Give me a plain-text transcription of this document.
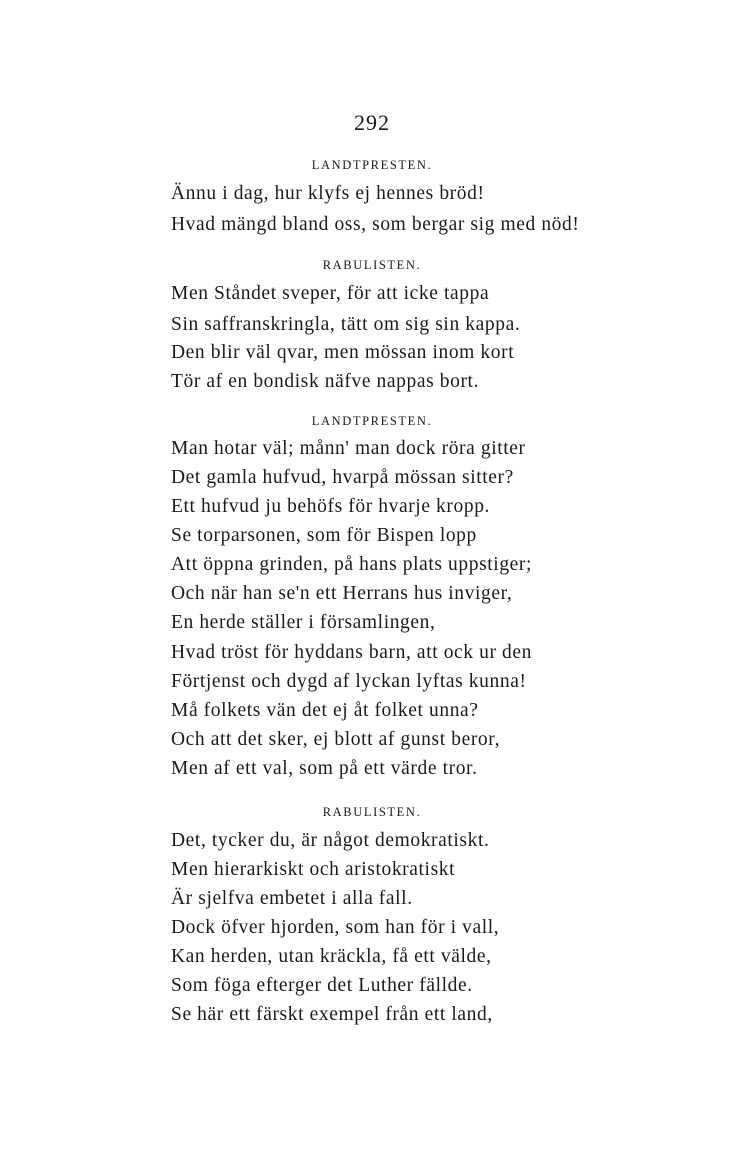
292
LANDTPRESTEN.
Ännu i dag, hur klyfs ej hennes bröd!
Hvad mängd bland oss, som bergar sig med nöd!
RABULISTEN.
Men Ståndet sveper, för att icke tappa
Sin saffranskringla, tätt om sig sin kappa.
Den blir väl qvar, men mössan inom kort
Tör af en bondisk näfve nappas bort.
LANDTPRESTEN.
Man hotar väl; månn' man dock röra gitter
Det gamla hufvud, hvarpå mössan sitter?
Ett hufvud ju behöfs för hvarje kropp.
Se torparsonen, som för Bispen lopp
Att öppna grinden, på hans plats uppstiger;
Och när han se'n ett Herrans hus inviger,
En herde ställer i församlingen,
Hvad tröst för hyddans barn, att ock ur den
Förtjenst och dygd af lyckan lyftas kunna!
Må folkets vän det ej åt folket unna?
Och att det sker, ej blott af gunst beror,
Men af ett val, som på ett värde tror.
RABULISTEN.
Det, tycker du, är något demokratiskt.
Men hierarkiskt och aristokratiskt
Är sjelfva embetet i alla fall.
Dock öfver hjorden, som han för i vall,
Kan herden, utan kräckla, få ett välde,
Som föga efterger det Luther fällde.
Se här ett färskt exempel från ett land,
